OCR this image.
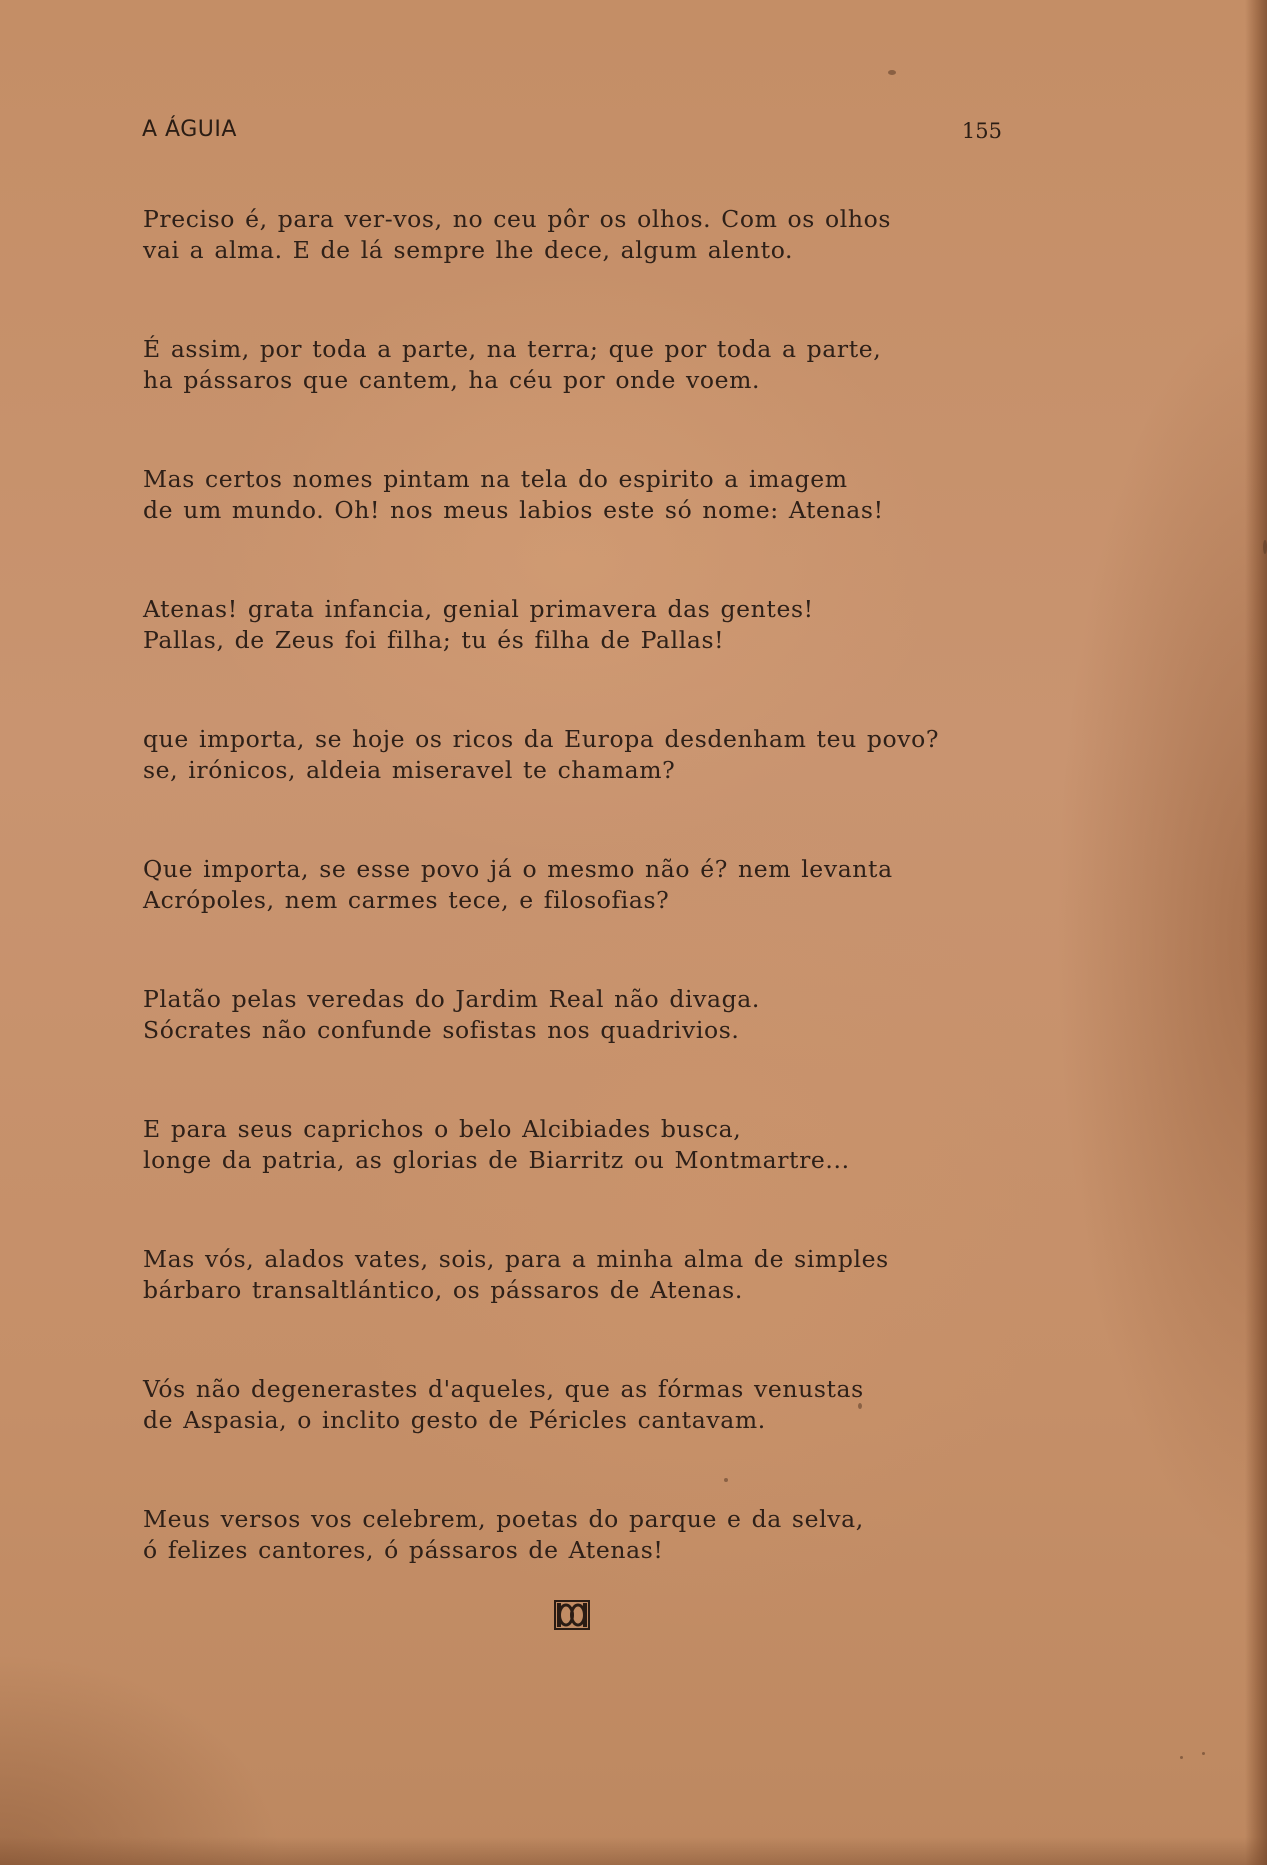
A ÁGUIA	155
Preciso é, para ver-vos, no ceu pôr os olhos. Com os olhos
vai a alma. E de lá sempre lhe dece, algum alento.
É assim, por toda a parte, na terra; que por toda a parte,
ha pássaros que cantem, ha céu por onde voem.
Mas certos nomes pintam na tela do espirito a imagem
de um mundo. Oh! nos meus labios este só nome: Atenas!
Atenas! grata infancia, genial primavera das gentes!
Pallas, de Zeus foi filha; tu és filha de Pallas!
que importa, se hoje os ricos da Europa desdenham teu povo?
se, irónicos, aldeia miseravel te chamam?
Que importa, se esse povo já o mesmo não é? nem levanta
Acrópoles, nem carmes tece, e filosofias?
Platão pelas veredas do Jardim Real não divaga.
Sócrates não confunde sofistas nos quadrivios.
E para seus caprichos o belo Alcibiades busca,
longe da patria, as glorias de Biarritz ou Montmartre...
Mas vós, alados vates, sois, para a minha alma de simples
bárbaro transaltlántico, os pássaros de Atenas.
Vós não degenerastes d'aqueles, que as fórmas venustas
de Aspasia, o inclito gesto de Péricles cantavam.
Meus versos vos celebrem, poetas do parque e da selva,
ó felizes cantores, ó pássaros de Atenas!
